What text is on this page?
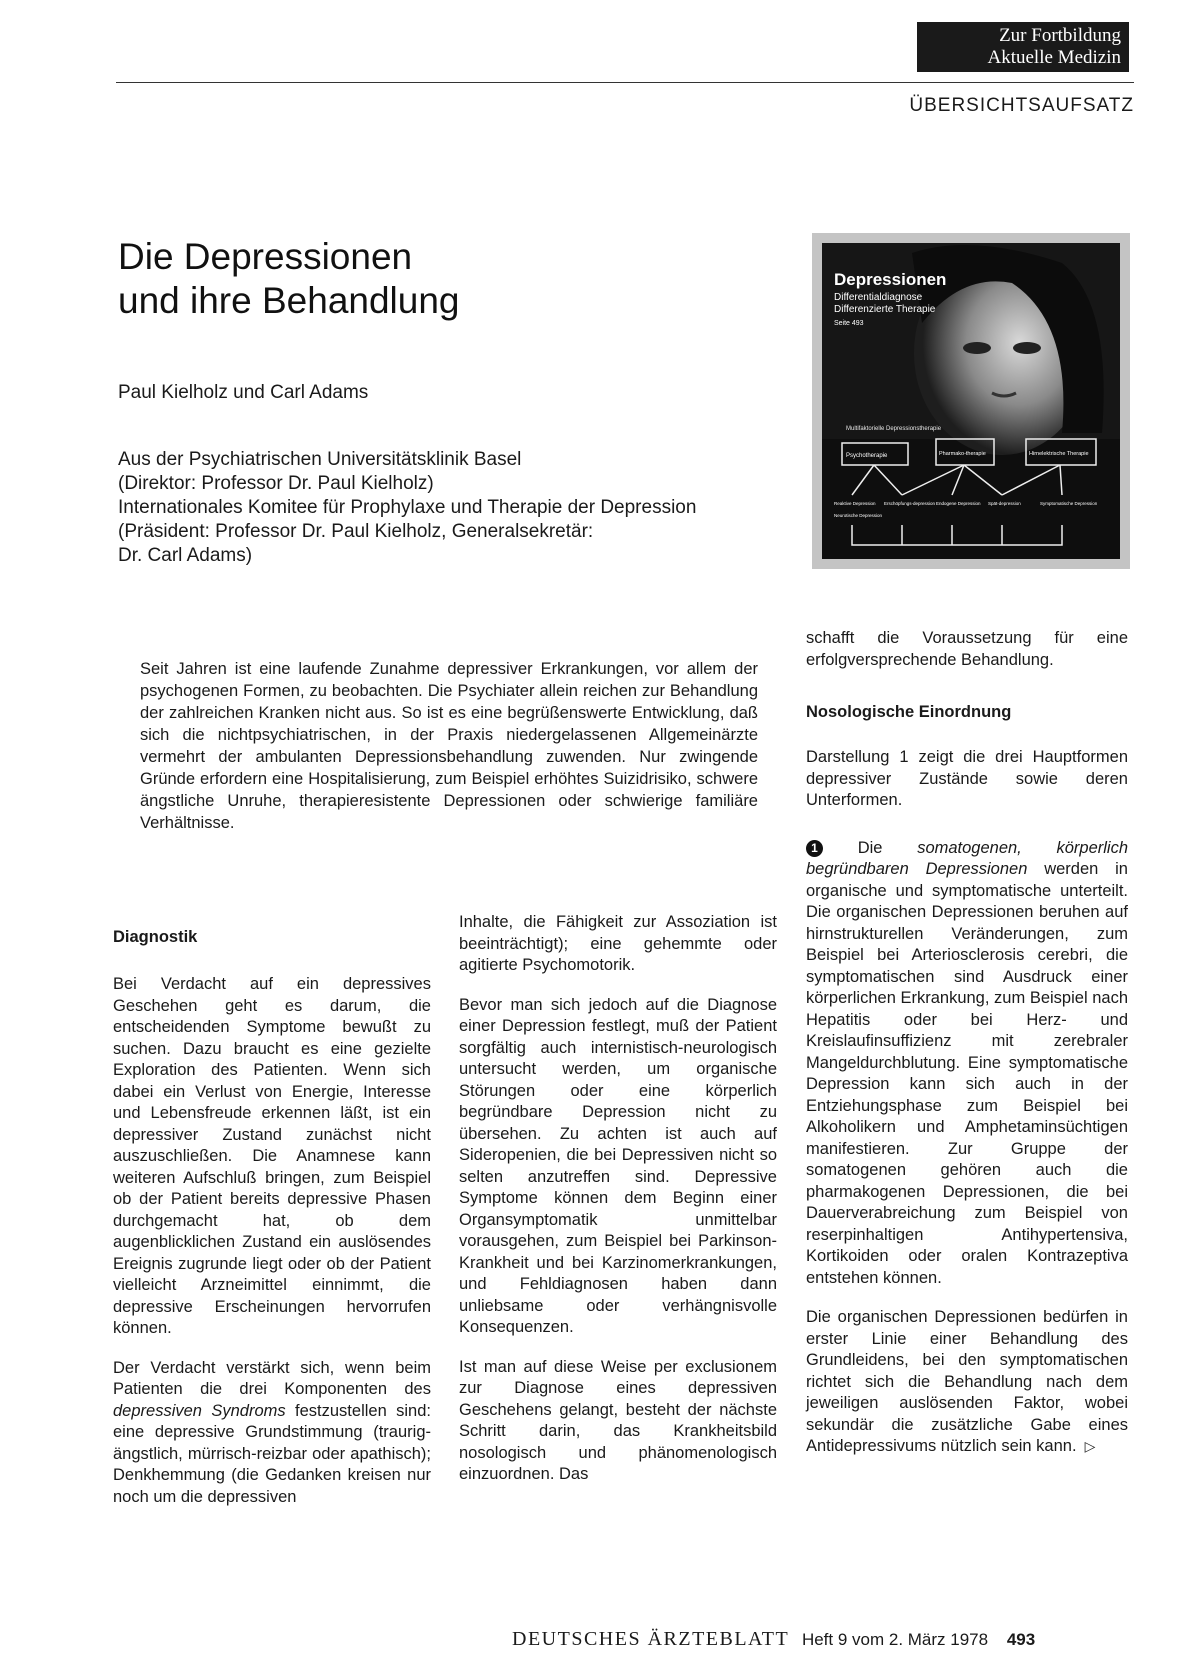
Zur Fortbildung
Aktuelle Medizin
ÜBERSICHTSAUFSATZ
Die Depressionen
und ihre Behandlung
Paul Kielholz und Carl Adams
Aus der Psychiatrischen Universitätsklinik Basel
(Direktor: Professor Dr. Paul Kielholz)
Internationales Komitee für Prophylaxe und Therapie der Depression
(Präsident: Professor Dr. Paul Kielholz, Generalsekretär:
Dr. Carl Adams)
Depressionen
Differentialdiagnose
Differenzierte Therapie
Seite 493
Multifaktorielle Depressionstherapie
Psychotherapie	Pharmako-therapie	Hirnelektrische Therapie
Reaktive Depression Erschöpfungs-depression Endogene Depression Spät-depression	Symptomatische Depression
Neurotische Depression

Seit Jahren ist eine laufende Zunahme depressiver Erkrankungen, vor allem der psychogenen Formen, zu beobachten. Die Psychiater allein reichen zur Behandlung der zahlreichen Kranken nicht aus. So ist es eine begrüßenswerte Entwicklung, daß sich die nichtpsychiatrischen, in der Praxis niedergelassenen Allgemeinärzte vermehrt der ambulanten Depressionsbehandlung zuwenden. Nur zwingende Gründe erfordern eine Hospitalisierung, zum Beispiel erhöhtes Suizidrisiko, schwere ängstliche Unruhe, therapieresistente Depressionen oder schwierige familiäre Verhältnisse.

Diagnostik

Bei Verdacht auf ein depressives Geschehen geht es darum, die entscheidenden Symptome bewußt zu suchen. Dazu braucht es eine gezielte Exploration des Patienten. Wenn sich dabei ein Verlust von Energie, Interesse und Lebensfreude erkennen läßt, ist ein depressiver Zustand zunächst nicht auszuschließen. Die Anamnese kann weiteren Aufschluß bringen, zum Beispiel ob der Patient bereits depressive Phasen durchgemacht hat, ob dem augenblicklichen Zustand ein auslösendes Ereignis zugrunde liegt oder ob der Patient vielleicht Arzneimittel einnimmt, die depressive Erscheinungen hervorrufen können.

Der Verdacht verstärkt sich, wenn beim Patienten die drei Komponenten des depressiven Syndroms festzustellen sind: eine depressive Grundstimmung (traurig-ängstlich, mürrisch-reizbar oder apathisch); Denkhemmung (die Gedanken kreisen nur noch um die depressiven

Inhalte, die Fähigkeit zur Assoziation ist beeinträchtigt); eine gehemmte oder agitierte Psychomotorik.

Bevor man sich jedoch auf die Diagnose einer Depression festlegt, muß der Patient sorgfältig auch internistisch-neurologisch untersucht werden, um organische Störungen oder eine körperlich begründbare Depression nicht zu übersehen. Zu achten ist auch auf Sideropenien, die bei Depressiven nicht so selten anzutreffen sind. Depressive Symptome können dem Beginn einer Organsymptomatik unmittelbar vorausgehen, zum Beispiel bei Parkinson-Krankheit und bei Karzinomerkrankungen, und Fehldiagnosen haben dann unliebsame oder verhängnisvolle Konsequenzen.

Ist man auf diese Weise per exclusionem zur Diagnose eines depressiven Geschehens gelangt, besteht der nächste Schritt darin, das Krankheitsbild nosologisch und phänomenologisch einzuordnen. Das

schafft die Voraussetzung für eine erfolgversprechende Behandlung.

Nosologische Einordnung

Darstellung 1 zeigt die drei Hauptformen depressiver Zustände sowie deren Unterformen.

1 Die somatogenen, körperlich begründbaren Depressionen werden in organische und symptomatische unterteilt. Die organischen Depressionen beruhen auf hirnstrukturellen Veränderungen, zum Beispiel bei Arteriosclerosis cerebri, die symptomatischen sind Ausdruck einer körperlichen Erkrankung, zum Beispiel nach Hepatitis oder bei Herz- und Kreislaufinsuffizienz mit zerebraler Mangeldurchblutung. Eine symptomatische Depression kann sich auch in der Entziehungsphase zum Beispiel bei Alkoholikern und Amphetaminsüchtigen manifestieren. Zur Gruppe der somatogenen gehören auch die pharmakogenen Depressionen, die bei Dauerverabreichung zum Beispiel von reserpinhaltigen Antihypertensiva, Kortikoiden oder oralen Kontrazeptiva entstehen können.

Die organischen Depressionen bedürfen in erster Linie einer Behandlung des Grundleidens, bei den symptomatischen richtet sich die Behandlung nach dem jeweiligen auslösenden Faktor, wobei sekundär die zusätzliche Gabe eines Antidepressivums nützlich sein kann. ▷

DEUTSCHES ÄRZTEBLATT Heft 9 vom 2. März 1978 493
